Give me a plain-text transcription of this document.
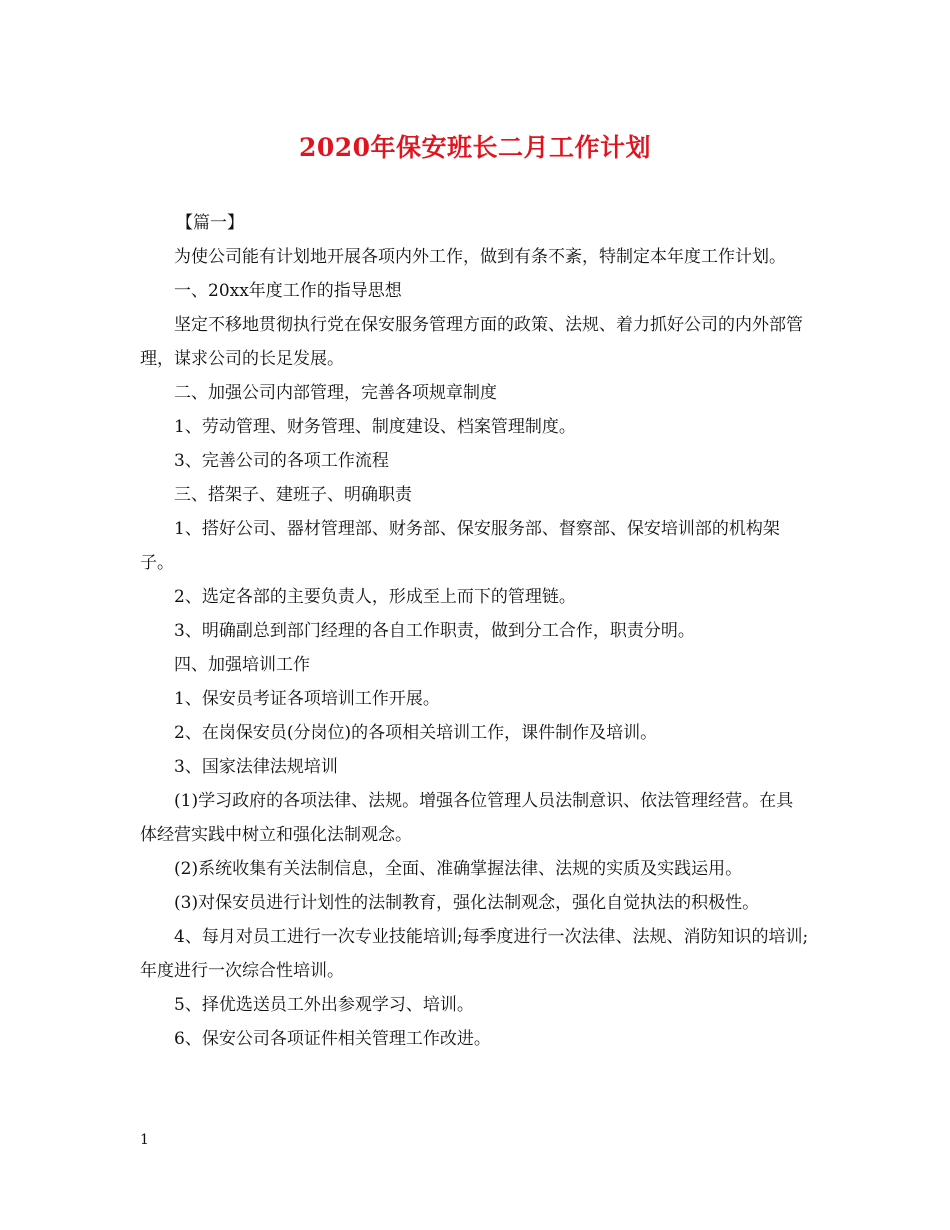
2020年保安班长二月工作计划

【篇一】

为使公司能有计划地开展各项内外工作，做到有条不紊，特制定本年度工作计划。

一、20xx年度工作的指导思想

坚定不移地贯彻执行党在保安服务管理方面的政策、法规、着力抓好公司的内外部管理，谋求公司的长足发展。

二、加强公司内部管理，完善各项规章制度

1、劳动管理、财务管理、制度建设、档案管理制度。

3、完善公司的各项工作流程

三、搭架子、建班子、明确职责

1、搭好公司、器材管理部、财务部、保安服务部、督察部、保安培训部的机构架子。

2、选定各部的主要负责人，形成至上而下的管理链。

3、明确副总到部门经理的各自工作职责，做到分工合作，职责分明。

四、加强培训工作

1、保安员考证各项培训工作开展。

2、在岗保安员(分岗位)的各项相关培训工作，课件制作及培训。

3、国家法律法规培训

(1)学习政府的各项法律、法规。增强各位管理人员法制意识、依法管理经营。在具体经营实践中树立和强化法制观念。

(2)系统收集有关法制信息，全面、准确掌握法律、法规的实质及实践运用。

(3)对保安员进行计划性的法制教育，强化法制观念，强化自觉执法的积极性。

4、每月对员工进行一次专业技能培训;每季度进行一次法律、法规、消防知识的培训;年度进行一次综合性培训。

5、择优选送员工外出参观学习、培训。

6、保安公司各项证件相关管理工作改进。

1
